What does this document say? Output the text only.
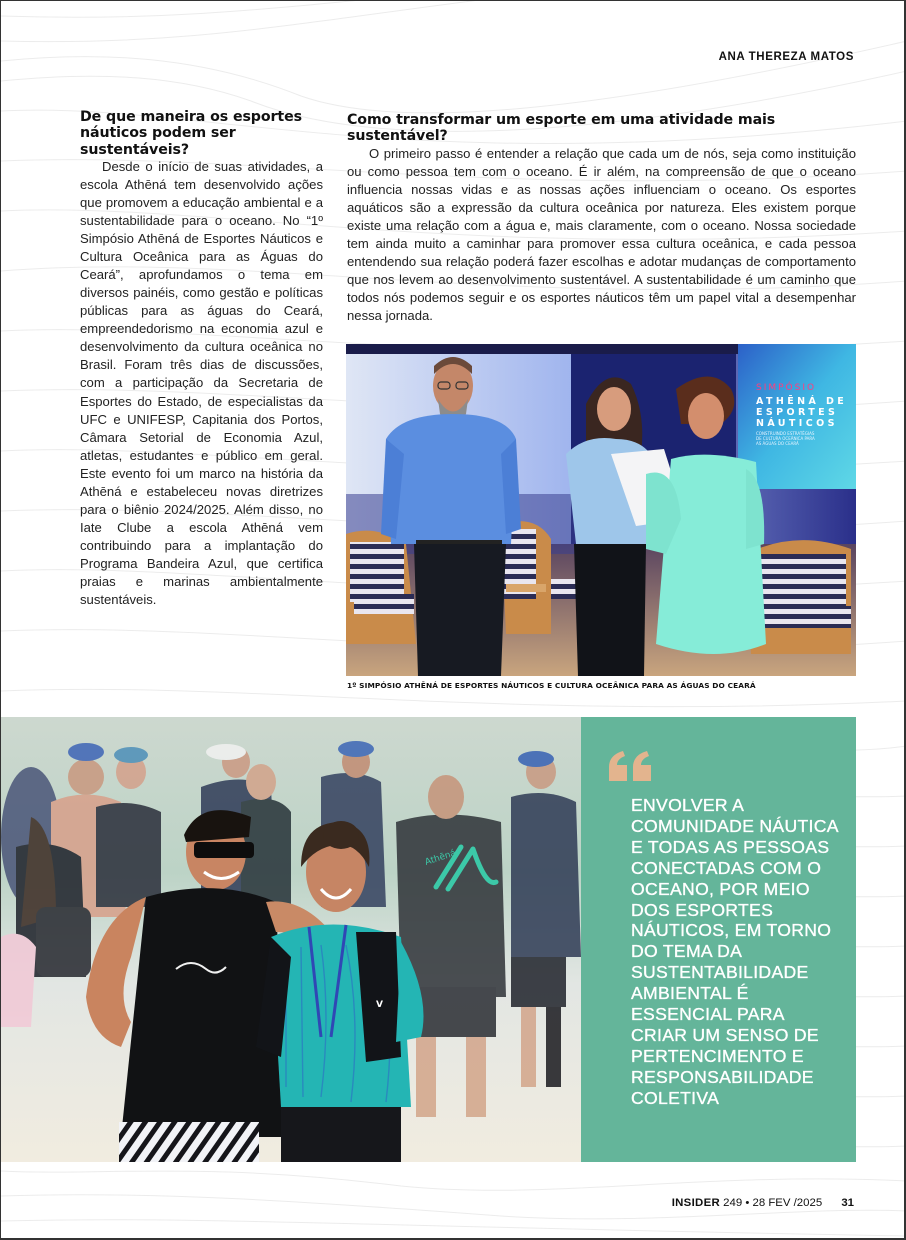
ANA THEREZA MATOS
De que maneira os esportes náuticos podem ser sustentáveis?

Desde o início de suas atividades, a escola Athēná tem desenvolvido ações que promovem a educação ambiental e a sustentabilidade para o oceano. No “1º Simpósio Athēná de Esportes Náuticos e Cultura Oceânica para as Águas do Ceará”, aprofundamos o tema em diversos painéis, como gestão e políticas públicas para as águas do Ceará, empreendedorismo na economia azul e desenvolvimento da cultura oceânica no Brasil. Foram três dias de discussões, com a participação da Secretaria de Esportes do Estado, de especialistas da UFC e UNIFESP, Capitania dos Portos, Câmara Setorial de Economia Azul, atletas, estudantes e público em geral. Este evento foi um marco na história da Athēná e estabeleceu novas diretrizes para o biênio 2024/2025. Além disso, no Iate Clube a escola Athēná vem contribuindo para a implantação do Programa Bandeira Azul, que certifica praias e marinas ambientalmente sustentáveis.

Como transformar um esporte em uma atividade mais sustentável?

O primeiro passo é entender a relação que cada um de nós, seja como instituição ou como pessoa tem com o oceano. É ir além, na compreensão de que o oceano influencia nossas vidas e as nossas ações influenciam o oceano. Os esportes aquáticos são a expressão da cultura oceânica por natureza. Eles existem porque existe uma relação com a água e, mais claramente, com o oceano. Nossa sociedade tem ainda muito a caminhar para promover essa cultura oceânica, e cada pessoa entendendo sua relação poderá fazer escolhas e adotar mudanças de comportamento que nos levem ao desenvolvimento sustentável. A sustentabilidade é um caminho que todos nós podemos seguir e os esportes náuticos têm um papel vital a desempenhar nessa jornada.

SIMPÓSIO
ATHĒNÁ DE
ESPORTES
NÁUTICOS
CONSTRUINDO ESTRATÉGIAS
DE CULTURA OCEÂNICA PARA
AS ÁGUAS DO CEARÁ
1º SIMPÓSIO ATHĒNÁ DE ESPORTES NÁUTICOS E CULTURA OCEÂNICA PARA AS ÁGUAS DO CEARÁ
Athēná
V
ENVOLVER A COMUNIDADE NÁUTICA E TODAS AS PESSOAS CONECTADAS COM O OCEANO, POR MEIO DOS ESPORTES NÁUTICOS, EM TORNO DO TEMA DA SUSTENTABILIDADE AMBIENTAL É ESSENCIAL PARA CRIAR UM SENSO DE PERTENCIMENTO E RESPONSABILIDADE COLETIVA
INSIDER 249 • 28 FEV /2025 31
